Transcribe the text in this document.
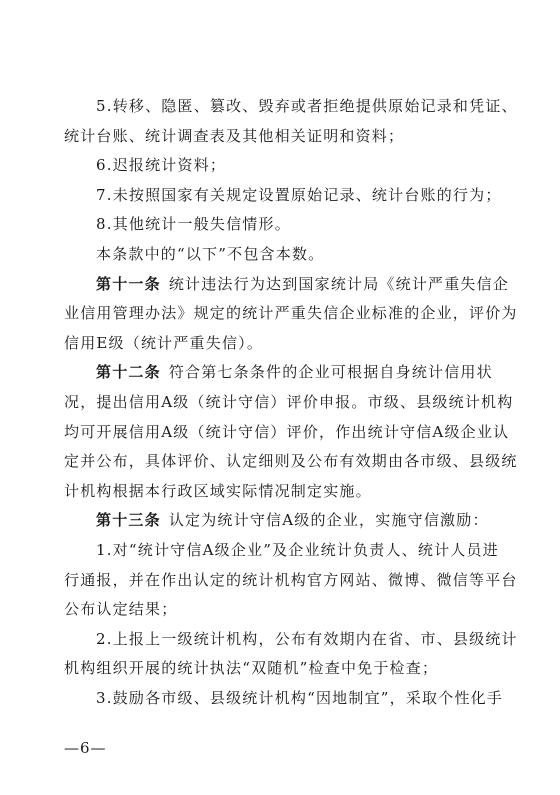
5.转移、隐匿、篡改、毁弃或者拒绝提供原始记录和凭证、
统计台账、统计调查表及其他相关证明和资料；
6.迟报统计资料；
7.未按照国家有关规定设置原始记录、统计台账的行为；
8.其他统计一般失信情形。
本条款中的“以下”不包含本数。
第十一条 统计违法行为达到国家统计局《统计严重失信企
业信用管理办法》规定的统计严重失信企业标准的企业，评价为
信用E级（统计严重失信）。
第十二条 符合第七条条件的企业可根据自身统计信用状
况，提出信用A级（统计守信）评价申报。市级、县级统计机构
均可开展信用A级（统计守信）评价，作出统计守信A级企业认
定并公布，具体评价、认定细则及公布有效期由各市级、县级统
计机构根据本行政区域实际情况制定实施。
第十三条 认定为统计守信A级的企业，实施守信激励：
1.对“统计守信A级企业”及企业统计负责人、统计人员进
行通报，并在作出认定的统计机构官方网站、微博、微信等平台
公布认定结果；
2.上报上一级统计机构，公布有效期内在省、市、县级统计
机构组织开展的统计执法“双随机”检查中免于检查；
3.鼓励各市级、县级统计机构“因地制宜”，采取个性化手
—6—
